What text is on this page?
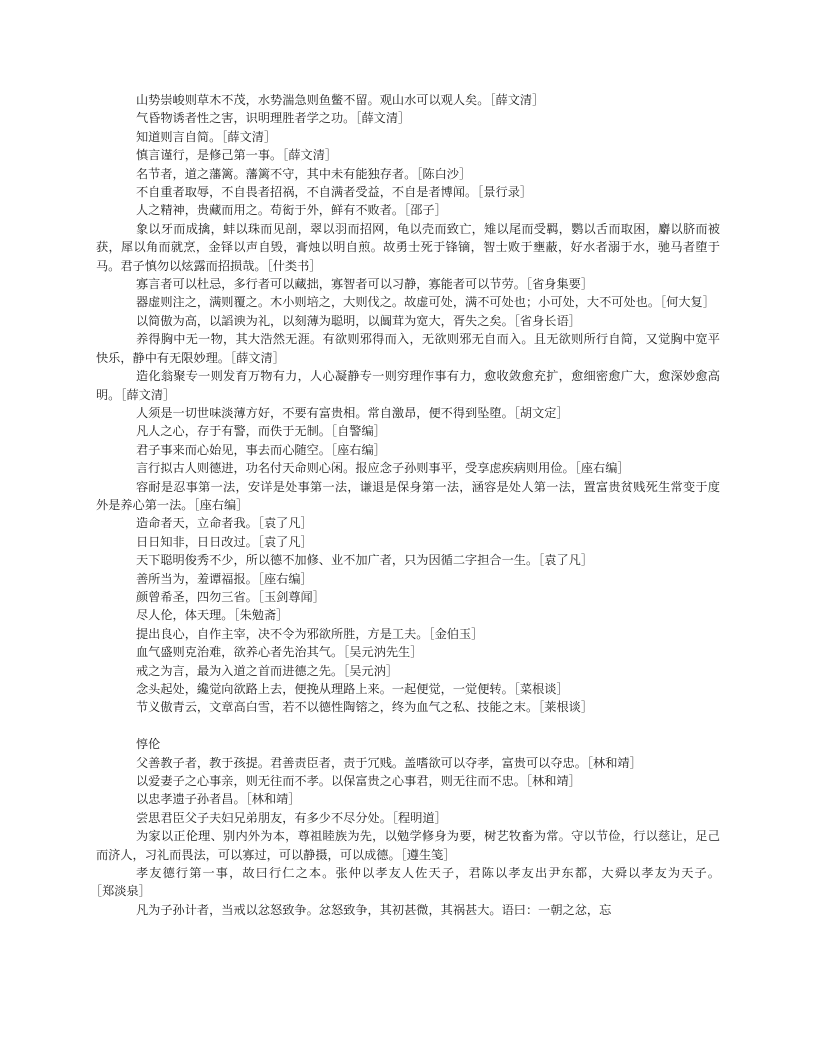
山势崇峻则草木不茂，水势湍急则鱼鳖不留。观山水可以观人矣。［薛文清］

气昏物诱者性之害，识明理胜者学之功。［薛文清］

知道则言自简。［薛文清］

慎言谨行，是修己第一事。［薛文清］

名节者，道之藩篱。藩篱不守，其中未有能独存者。［陈白沙］

不自重者取辱，不自畏者招祸，不自满者受益，不自是者博闻。［景行录］

人之精神，贵藏而用之。苟衒于外，鲜有不败者。［邵子］

象以牙而成擒，蚌以珠而见剖，翠以羽而招网，龟以壳而致亡，雉以尾而受羁，鹦以舌而取困，麝以脐而被获，犀以角而就烹，金铎以声自毁，膏烛以明自煎。故勇士死于锋镝，智士败于壅蔽，好水者溺于水，驰马者堕于马。君子慎勿以炫露而招损哉。［什类书］

寡言者可以杜忌，多行者可以藏拙，寡智者可以习静，寡能者可以节劳。［省身集要］

器虚则注之，满则覆之。木小则培之，大则伐之。故虚可处，满不可处也；小可处，大不可处也。［何大复］

以简傲为高，以謟谀为礼，以刻薄为聪明，以阘茸为宽大，胥失之矣。［省身长语］

养得胸中无一物，其大浩然无涯。有欲则邪得而入，无欲则邪无自而入。且无欲则所行自简，又觉胸中宽平快乐，静中有无限妙理。［薛文清］

造化翁聚专一则发育万物有力，人心凝静专一则穷理作事有力，愈收敛愈充扩，愈细密愈广大，愈深妙愈高明。［薛文清］

人须是一切世味淡薄方好，不要有富贵相。常自激昂，便不得到坠堕。［胡文定］

凡人之心，存于有警，而佚于无制。［自警编］

君子事来而心始见，事去而心随空。［座右编］

言行拟古人则德进，功名付天命则心闲。报应念子孙则事平，受享虑疾病则用俭。［座右编］

容耐是忍事第一法，安详是处事第一法，谦退是保身第一法，涵容是处人第一法，置富贵贫贱死生常变于度外是养心第一法。［座右编］

造命者天，立命者我。［袁了凡］

日日知非，日日改过。［袁了凡］

天下聪明俊秀不少，所以德不加修、业不加广者，只为因循二字担合一生。［袁了凡］

善所当为，羞谭福报。［座右编］

颜曾希圣，四勿三省。［玉剑尊闻］

尽人伦，体天理。［朱勉斋］

提出良心，自作主宰，决不令为邪欲所胜，方是工夫。［金伯玉］

血气盛则克治难，欲养心者先治其气。［吴元汭先生］

戒之为言，最为入道之首而进德之先。［吴元汭］

念头起处，纔觉向欲路上去，便挽从理路上来。一起便觉，一觉便转。［菜根谈］

节义傲青云，文章高白雪，若不以德性陶镕之，终为血气之私、技能之末。［莱根谈］

惇伦

父善教子者，教于孩提。君善责臣者，责于冗贱。盖嗜欲可以夺孝，富贵可以夺忠。［林和靖］

以爱妻子之心事亲，则无往而不孝。以保富贵之心事君，则无往而不忠。［林和靖］

以忠孝遗子孙者昌。［林和靖］

尝思君臣父子夫妇兄弟朋友，有多少不尽分处。［程明道］

为家以正伦理、别内外为本，尊祖睦族为先，以勉学修身为要，树艺牧畜为常。守以节俭，行以慈让，足己而济人，习礼而畏法，可以寡过，可以静摄，可以成德。［遵生笺］

孝友德行第一事，故曰行仁之本。张仲以孝友人佐天子，君陈以孝友出尹东都，大舜以孝友为天子。［郑淡泉］

凡为子孙计者，当戒以忿怒致争。忿怒致争，其初甚微，其祸甚大。语曰：一朝之忿，忘
